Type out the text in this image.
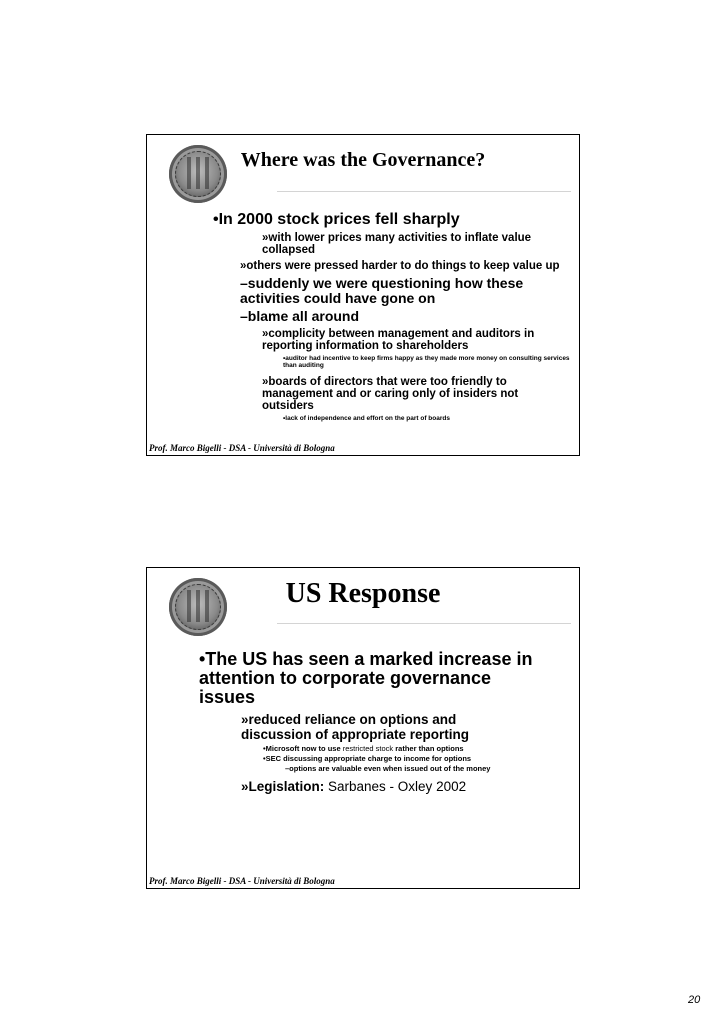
Where was the Governance?

•In 2000 stock prices fell sharply

»with lower prices many activities to inflate value collapsed

»others were pressed harder to do things to keep value up

–suddenly we were questioning how these activities could have gone on

–blame all around

»complicity between management and auditors in reporting information to shareholders

•auditor had incentive to keep firms happy as they made more money on consulting services than auditing

»boards of directors that were too friendly to management and or caring only of insiders not outsiders

•lack of independence and effort on the part of boards

Prof. Marco Bigelli - DSA - Università di Bologna

US Response

•The US has seen a marked increase in attention to corporate governance issues

»reduced reliance on options and discussion of appropriate reporting

•Microsoft now to use restricted stock rather than options

•SEC discussing appropriate charge to income for options

–options are valuable even when issued out of the money

»Legislation: Sarbanes - Oxley 2002

Prof. Marco Bigelli - DSA - Università di Bologna

20
